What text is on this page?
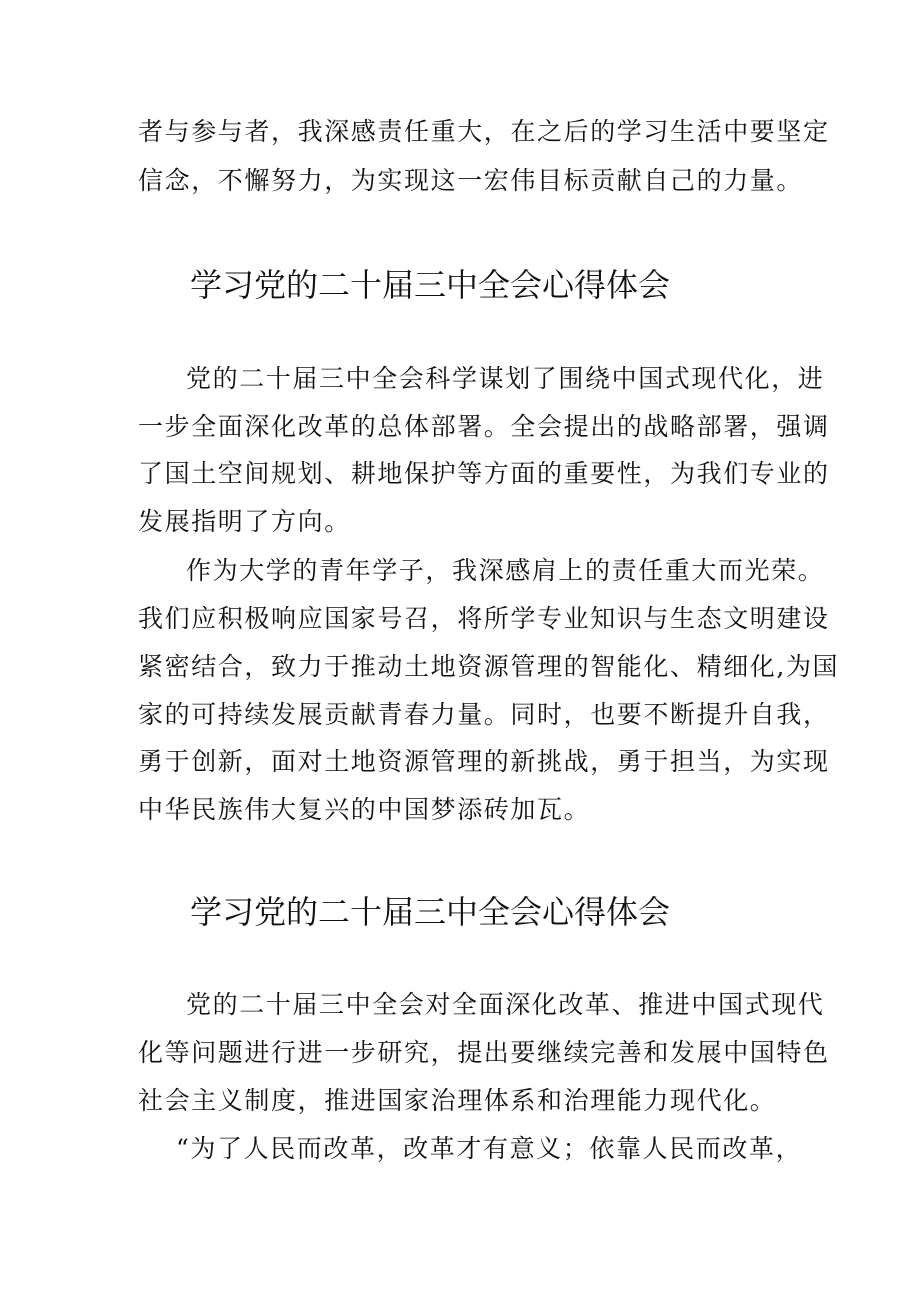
者与参与者，我深感责任重大，在之后的学习生活中要坚定
信念，不懈努力，为实现这一宏伟目标贡献自己的力量。
学习党的二十届三中全会心得体会
党的二十届三中全会科学谋划了围绕中国式现代化，进
一步全面深化改革的总体部署。全会提出的战略部署，强调
了国土空间规划、耕地保护等方面的重要性，为我们专业的
发展指明了方向。
作为大学的青年学子，我深感肩上的责任重大而光荣。
我们应积极响应国家号召，将所学专业知识与生态文明建设
紧密结合，致力于推动土地资源管理的智能化、精细化,为国
家的可持续发展贡献青春力量。同时，也要不断提升自我，
勇于创新，面对土地资源管理的新挑战，勇于担当，为实现
中华民族伟大复兴的中国梦添砖加瓦。
学习党的二十届三中全会心得体会
党的二十届三中全会对全面深化改革、推进中国式现代
化等问题进行进一步研究，提出要继续完善和发展中国特色
社会主义制度，推进国家治理体系和治理能力现代化。
“为了人民而改革，改革才有意义；依靠人民而改革，
